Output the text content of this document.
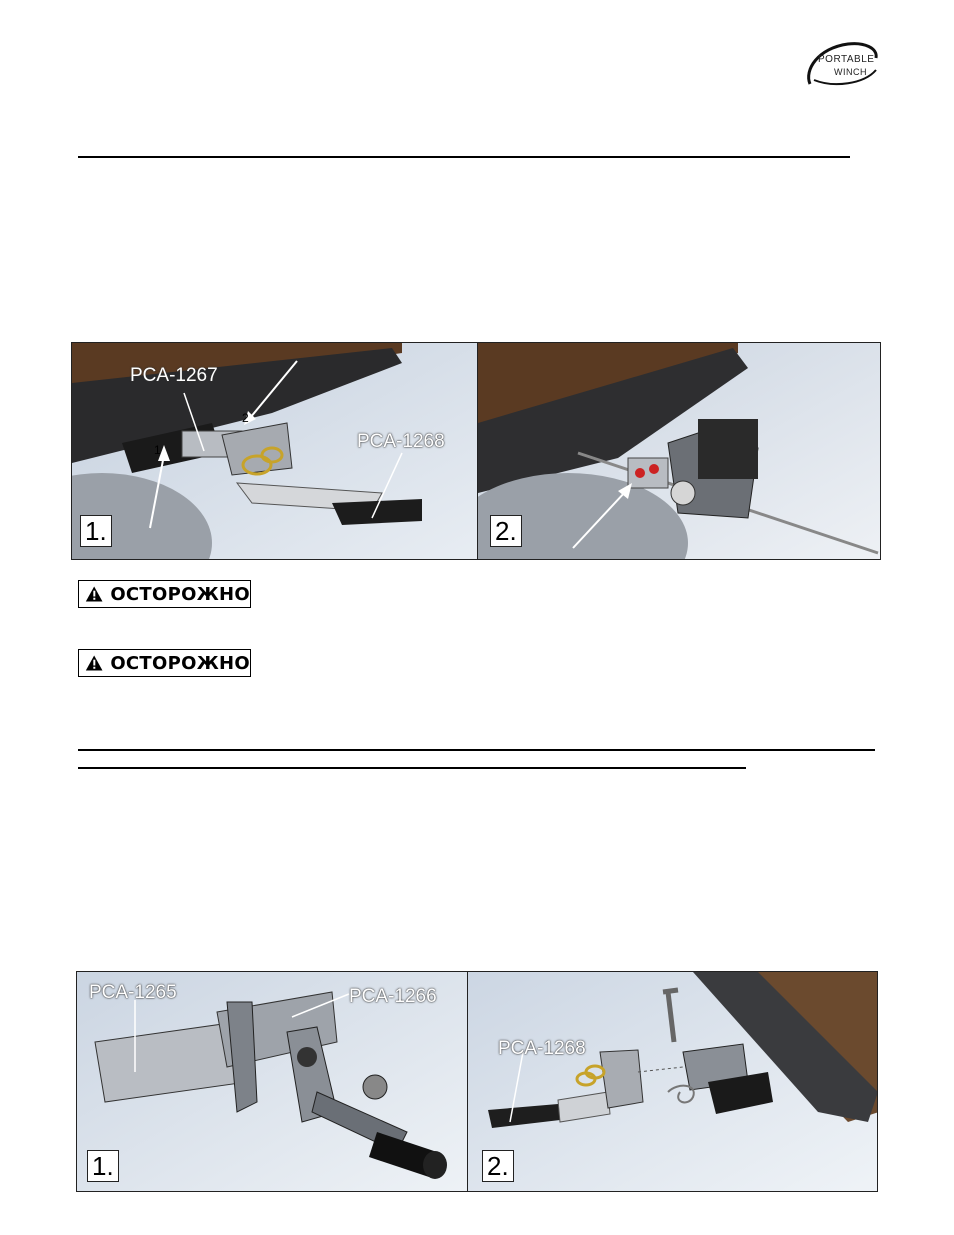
PORTABLE
WINCH
PCA-1267
PCA-1268
1
2
1.	2.
ОСТОРОЖНО
ОСТОРОЖНО
PCA-1265	PCA-1266
1.
PCA-1268
2.
